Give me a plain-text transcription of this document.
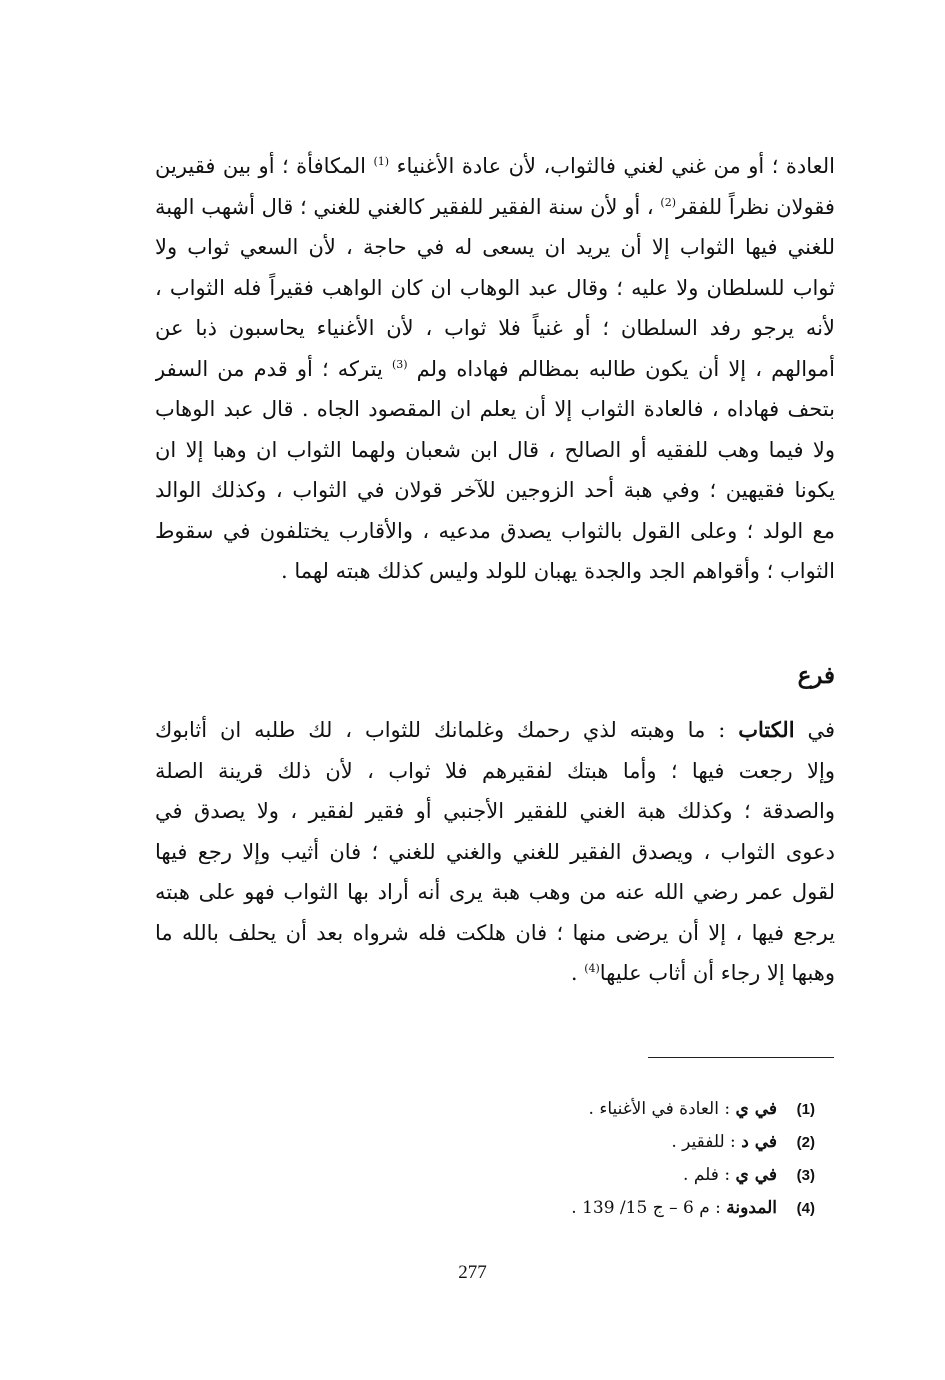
العادة ؛ أو من غني لغني فالثواب، لأن عادة الأغنياء $^{(1)}$ المكافأة ؛ أو بين فقيرين
فقولان نظراً للفقر$^{(2)}$ ، أو لأن سنة الفقير للفقير كالغني للغني ؛ قال أشهب الهبة
للغني فيها الثواب إلا أن يريد ان يسعى له في حاجة ، لأن السعي ثواب ولا
ثواب للسلطان ولا عليه ؛ وقال عبد الوهاب ان كان الواهب فقيراً فله الثواب ،
لأنه يرجو رفد السلطان ؛ أو غنياً فلا ثواب ، لأن الأغنياء يحاسبون ذبا عن
أموالهم ، إلا أن يكون طالبه بمظالم فهاداه ولم $^{(3)}$ يتركه ؛ أو قدم من السفر
بتحف فهاداه ، فالعادة الثواب إلا أن يعلم ان المقصود الجاه . قال عبد الوهاب
ولا فيما وهب للفقيه أو الصالح ، قال ابن شعبان ولهما الثواب ان وهبا إلا ان
يكونا فقيهين ؛ وفي هبة أحد الزوجين للآخر قولان في الثواب ، وكذلك الوالد
مع الولد ؛ وعلى القول بالثواب يصدق مدعيه ، والأقارب يختلفون في سقوط
الثواب ؛ وأقواهم الجد والجدة يهبان للولد وليس كذلك هبته لهما .
فرع
في الكتاب : ما وهبته لذي رحمك وغلمانك للثواب ، لك طلبه ان أثابوك
وإلا رجعت فيها ؛ وأما هبتك لفقيرهم فلا ثواب ، لأن ذلك قرينة الصلة
والصدقة ؛ وكذلك هبة الغني للفقير الأجنبي أو فقير لفقير ، ولا يصدق في
دعوى الثواب ، ويصدق الفقير للغني والغني للغني ؛ فان أثيب وإلا رجع فيها
لقول عمر رضي الله عنه من وهب هبة يرى أنه أراد بها الثواب فهو على هبته
يرجع فيها ، إلا أن يرضى منها ؛ فان هلكت فله شرواه بعد أن يحلف بالله ما
وهبها إلا رجاء أن أثاب عليها$^{(4)}$ .
(1)في ي : العادة في الأغنياء .
(2)في د : للفقير .
(3)في ي : فلم .
(4)المدونة : م 6 – ج 15/ 139 .
277
